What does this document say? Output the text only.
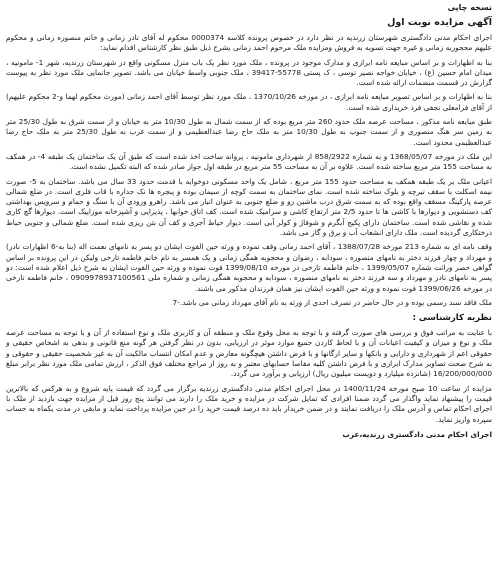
نسخه چاپی
آگهی مزایده نوبت اول
اجرای احکام مدنی دادگستری شهرستان زرندیه در نظر دارد در خصوص پرونده کلاسه 0000374 محکوم له آقای نادر زمانی و خانم منصوره زمانی و محکوم علیهم محجوریه زمانی و غیره جهت تسویه به فروش ومزایده ملک مرحوم احمد زمانی بشرح ذیل طبق نظر کارشناس اقدام نماید:
بنا به اظهارات و بر اساس مبایعه نامه ابرازی و مدارک موجود در پرونده ، ملک مورد نظر یک باب منزل مسکونی واقع در شهرستان زرندیه، شهر 1- مامونیه ، میدان امام حسین (ع) ، خیابان خواجه نصیر توسی ، ک پستی 55778-39417 ، ملک جنوبی واسط خیابان می باشد. تصویر جانمایی ملک مورد نظر به پیوست گزارش در قسمت منضمات ارائه شده است.
بنا به اظهارات و بر اساس تصویر مبایعه نامه ابرازی ، در مورخه 1370/10/26 ، ملک مورد نظر توسط آقای احمد زمانی (مورث محکوم لهما و-2 محکوم علیهم) از آقای فرامعلی نجفی فرد خریداری شده است.
طبق مبایعه نامه مذکور ، مساحت عرصه ملک حدود 260 متر مربع بوده که از سمت شمال به طول 10/30 متر به خیابان و از سمت شرق به طول 25/30 متر به زمین سر هنگ منصوری و از سمت جنوب به طول 10/30 متر به ملک حاج رضا عبدالعظیمی و از سمت غرب به طول 25/30 متر به ملک حاج رضا عبدالعظیمی محدود است.
این ملک در مورخه 1368/05/07 و به شماره 858/2922 از شهرداری مامونیه ، پروانه ساخت اخذ شده است که طبق آن یک ساختمان یک طبقه 4- در همکف به مساحت 155 متر مربع ساخته شده است. علاوه بر آن به مساحت 55 متر مربع در طبقه اول جواز صادر شده که البته تکمیل نشده است.
اعیانی ملک بر یک طبقه همکف به مساحت حدود 155 متر مربع ، شامل یک واحد مسکونی دوخوابه با قدمت حدود 33 سال می باشد. ساختمان به 5- صورت نیمه اسکلت با سقف تیرچه و بلوک ساخته شده است. نمای ساختمان به سمت کوچه از سیمان بوده و پنجره ها نک جداره با قاب فلزی است. در ضلع شمالی عرصه پارکینگ مسقف واقع بوده که به سمت شرق درب ماشین رو و ضلع جنوبی به عنوان انبار می باشد. راهرو ورودی آن با سنگ و حمام و سرویس بهداشتی کف دستشویی و دیوارها با کاشی ها تا حدود 2/5 متر ارتفاع کاشی و سرامیک شده است. کف اتاق خوابها ، پذیرایی و آشپزخانه موزاییک است. دیوارها گچ کاری شده و نقاشی شده است. ساختمان دارای پکیج آبگرم و شوفاژ و کولر آبی است. دیوار حیاط آجری و کف آن بتن ریزی شده است. ضلع شمالی و جنوبی حیاط درختکاری گردیده است. ملک دارای انشعاب آب و برق و گاز می باشد.
وقف نامه ای به شماره 213 مورخه 1388/07/28 ، آقای احمد زمانی وقف نموده و ورثه حین الفوت ایشان دو پسر به نامهای نعمت اله (بنا به-6 اظهارات نادر) و مهرداد و چهار فرزند دختر به نامهای منصوره ، سودابه ، رضوان و محجوبه همگی زمانی و یک همسر به نام خانم فاطمه تارخی ولیکن در این پرونده بر اساس گواهی حصر وراثت شماره 1399/05/07 ، خانم فاطمه تارخی در مورخه 1399/08/10 فوت نموده و ورثه حین الفوت ایشان به شرح ذیل اعلام شده است: دو پسر به نامهای نادر و مهرداد و سه فرزند دختر به نامهای منصوره ، سودابه و محجوبه همگی زمانی و شماره ملی 0909978937100561 ، خانم فاطمه تارخی در مورخه 1399/06/26 فوت نموده و ورثه حین الفوت ایشان نیز همان فرزندان مذکور می باشند.
ملک فاقد سند رسمی بوده و در حال حاضر در تصرف احدی از ورثه به نام آقای مهرداد زمانی می باشد.-7
نظریه کارشناسی :
با عنایت به مراتب فوق و بررسی های صورت گرفته و با توجه به محل وقوع ملک و منطقه آن و کاربری ملک و نوع استفاده از آن و با توجه به مساحت عرصه ملک و نوع و میزان و کیفیت اعیانات آن و با لحاظ کاردن جمیع موارد موثر در ارزیابی، بدون در نظر گرفتن هر گونه منع قانونی و بدهی به اشخاص حقیقی و حقوقی اعم از شهرداری و دارایی و بانکها و سایر ارگانها و با فرض داشتن هیچگونه معارض و عدم امکان انتساب مالکیت آن به غیر شخصیت حقیقی و حقوقی و به شرح صحت تصاویر مدارک ابرازی و با فرض داشتن کلیه مفاصا حسابهای معتبر و به روز از مراجع مختلف فوق الذکر ، ارزش تمامی ملک مورد نظر برابر مبلغ 16/200/000/000 (شانزده میلیارد و دویست میلیون ریال) ارزیابی و برآورد می گردد.
مزایده از ساعت 10 صبح مورخه 1400/11/24 در محل اجرای احکام مدنی دادگستری زرندیه برگزار می گردد که قیمت پایه شروع و به هرکس که بالاترین قیمت را پیشنهاد نماید واگذار می گردد ضمنا افرادی که تمایل شرکت در مزایده و خرید ملک را دارند می توانند پنج روز قبل از مزایده جهت بازدید از ملک با اجرای احکام تماس و آدرس ملک را دریافت نمایند و در ضمن خریدار باید ده درصد قیمت خرید را در حین مزایده پرداخت نماید و مابقی در مدت یکماه به حساب سپرده واریز نماید.
اجرای احکام مدنی دادگستری زرندیه،عرب
